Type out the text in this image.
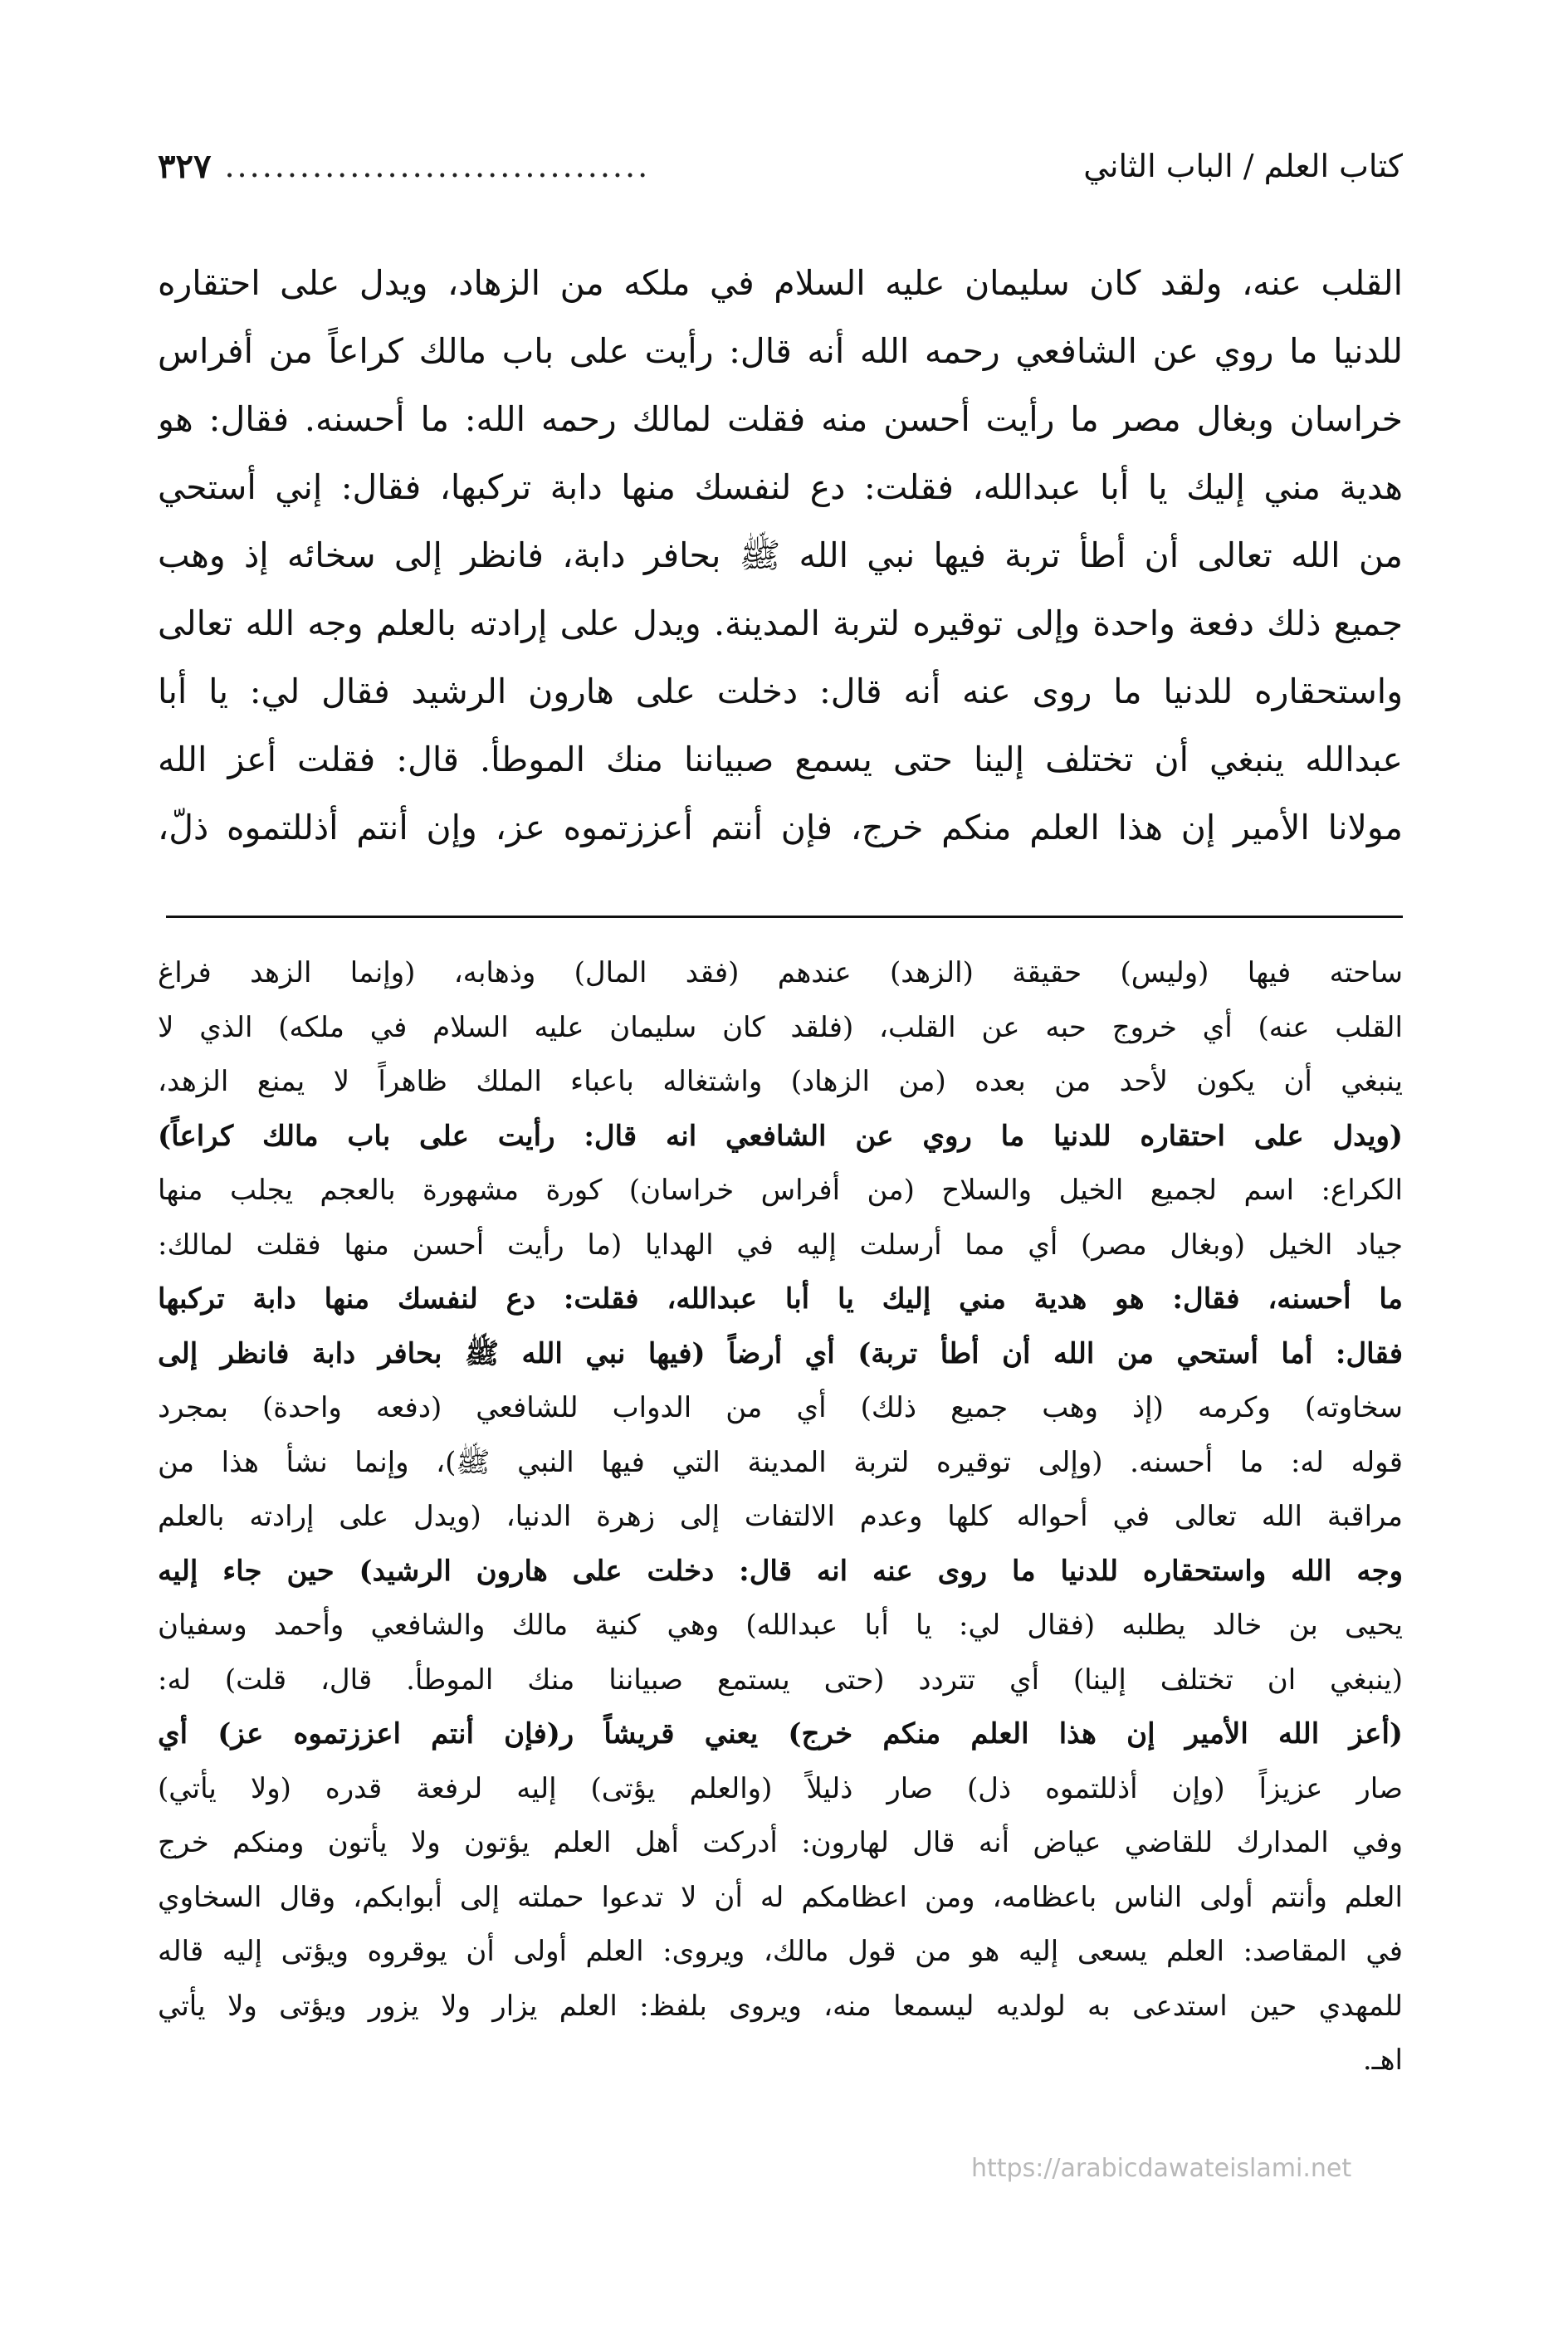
٣٢٧ ..................................	كتاب العلم / الباب الثاني
القلب عنه، ولقد كان سليمان عليه السلام في ملكه من الزهاد، ويدل على احتقاره
للدنيا ما روي عن الشافعي رحمه الله أنه قال: رأيت على باب مالك كراعاً من أفراس
خراسان وبغال مصر ما رأيت أحسن منه فقلت لمالك رحمه الله: ما أحسنه. فقال: هو
هدية مني إليك يا أبا عبدالله، فقلت: دع لنفسك منها دابة تركبها، فقال: إني أستحي
من الله تعالى أن أطأ تربة فيها نبي الله ﷺ بحافر دابة، فانظر إلى سخائه إذ وهب
جميع ذلك دفعة واحدة وإلى توقيره لتربة المدينة. ويدل على إرادته بالعلم وجه الله تعالى
واستحقاره للدنيا ما روى عنه أنه قال: دخلت على هارون الرشيد فقال لي: يا أبا
عبدالله ينبغي أن تختلف إلينا حتى يسمع صبياننا منك الموطأ. قال: فقلت أعز الله
مولانا الأمير إن هذا العلم منكم خرج، فإن أنتم أعززتموه عز، وإن أنتم أذللتموه ذلّ،
ساحته فيها (وليس) حقيقة (الزهد) عندهم (فقد المال) وذهابه، (وإنما الزهد فراغ
القلب عنه) أي خروج حبه عن القلب، (فلقد كان سليمان عليه السلام في ملكه) الذي لا
ينبغي أن يكون لأحد من بعده (من الزهاد) واشتغاله باعباء الملك ظاهراً لا يمنع الزهد،
(ويدل على احتقاره للدنيا ما روي عن الشافعي انه قال: رأيت على باب مالك كراعاً)
الكراع: اسم لجميع الخيل والسلاح (من أفراس خراسان) كورة مشهورة بالعجم يجلب منها
جياد الخيل (وبغال مصر) أي مما أرسلت إليه في الهدايا (ما رأيت أحسن منها فقلت لمالك:
ما أحسنه، فقال: هو هدية مني إليك يا أبا عبدالله، فقلت: دع لنفسك منها دابة تركبها
فقال: أما أستحي من الله أن أطأ تربة) أي أرضاً (فيها نبي الله ﷺ بحافر دابة فانظر إلى
سخاوته) وكرمه (إذ وهب جميع ذلك) أي من الدواب للشافعي (دفعه واحدة) بمجرد
قوله له: ما أحسنه. (وإلى توقيره لتربة المدينة التي فيها النبي ﷺ)، وإنما نشأ هذا من
مراقبة الله تعالى في أحواله كلها وعدم الالتفات إلى زهرة الدنيا، (ويدل على إرادته بالعلم
وجه الله واستحقاره للدنيا ما روى عنه انه قال: دخلت على هارون الرشيد) حين جاء إليه
يحيى بن خالد يطلبه (فقال لي: يا أبا عبدالله) وهي كنية مالك والشافعي وأحمد وسفيان
(ينبغي ان تختلف إلينا) أي تتردد (حتى يستمع صبياننا منك الموطأ. قال، قلت) له:
(أعز الله الأمير إن هذا العلم منكم خرج) يعني قريشاً ر(فإن أنتم اعززتموه عز) أي
صار عزيزاً (وإن أذللتموه ذل) صار ذليلاً (والعلم يؤتى) إليه لرفعة قدره (ولا يأتي)
وفي المدارك للقاضي عياض أنه قال لهارون: أدركت أهل العلم يؤتون ولا يأتون ومنكم خرج
العلم وأنتم أولى الناس باعظامه، ومن اعظامكم له أن لا تدعوا حملته إلى أبوابكم، وقال السخاوي
في المقاصد: العلم يسعى إليه هو من قول مالك، ويروى: العلم أولى أن يوقروه ويؤتى إليه قاله
للمهدي حين استدعى به لولديه ليسمعا منه، ويروى بلفظ: العلم يزار ولا يزور ويؤتى ولا يأتي
اهـ.
https://arabicdawateislami.net
